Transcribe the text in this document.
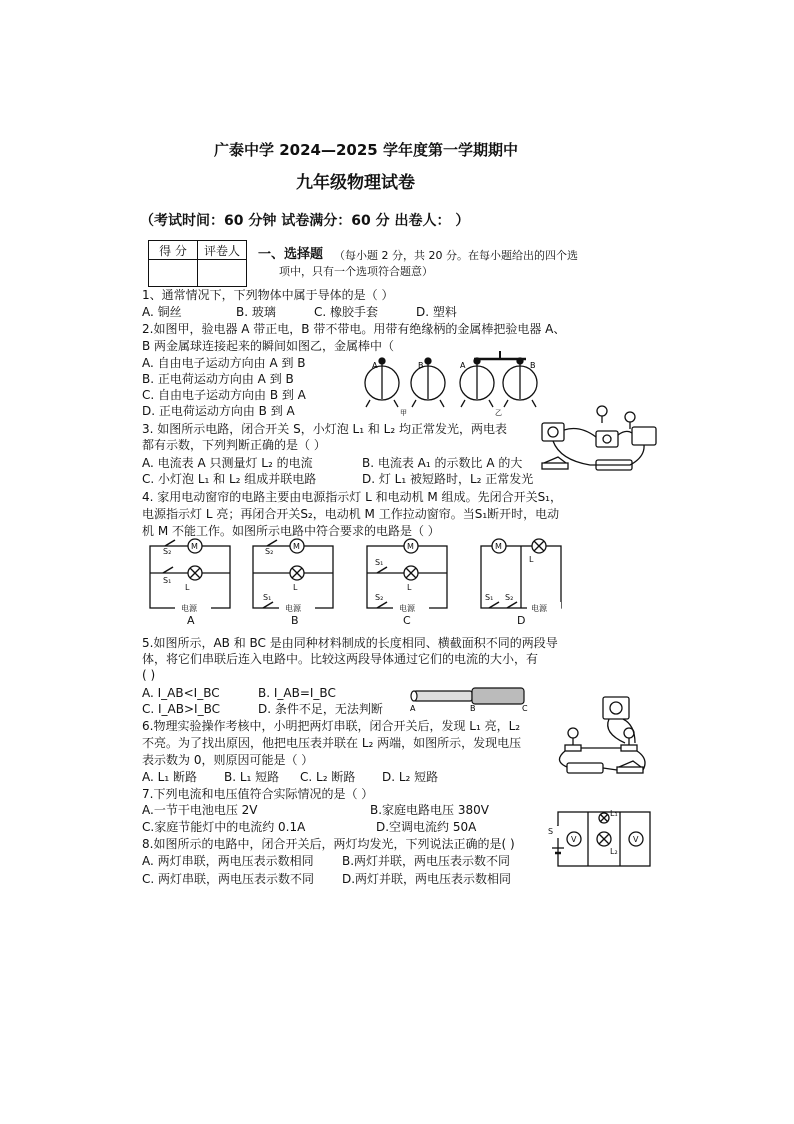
广泰中学 2024—2025 学年度第一学期期中
九年级物理试卷
（考试时间：60 分钟 试卷满分：60 分 出卷人： ）
得 分	评卷人
	一、选择题 （每小题 2 分，共 20 分。在每小题给出的四个选
项中，只有一个选项符合题意）
1、通常情况下，下列物体中属于导体的是（ ）
A. 铜丝	B. 玻璃	C. 橡胶手套	D. 塑料
2.如图甲，验电器 A 带正电，B 带不带电。用带有绝缘柄的金属棒把验电器 A、
B 两金属球连接起来的瞬间如图乙，金属棒中（
A. 自由电子运动方向由 A 到 B
B. 正电荷运动方向由 A 到 B
C. 自由电子运动方向由 B 到 A
D. 正电荷运动方向由 B 到 A
A	B	A	B
甲	乙
3. 如图所示电路，闭合开关 S，小灯泡 L₁ 和 L₂ 均正常发光，两电表
都有示数，下列判断正确的是（ ）
A. 电流表 A 只测量灯 L₂ 的电流	B. 电流表 A₁ 的示数比 A 的大
C. 小灯泡 L₁ 和 L₂ 组成并联电路	D. 灯 L₁ 被短路时，L₂ 正常发光
4. 家用电动窗帘的电路主要由电源指示灯 L 和电动机 M 组成。先闭合开关S₁，
电源指示灯 L 亮；再闭合开关S₂，电动机 M 工作拉动窗帘。当S₁断开时，电动
机 M 不能工作。如图所示电路中符合要求的电路是（ ）
M
S₂
S₁
L
电源
M
S₂
S₁
L
电源
M
S₁
S₂
L
电源
M
L
S₁ S₂
电源
A	B	C	D
5.如图所示，AB 和 BC 是由同种材料制成的长度相同、横截面积不同的两段导
体，将它们串联后连入电路中。比较这两段导体通过它们的电流的大小，有
( )
A. I_AB<I_BC	B. I_AB=I_BC
C. I_AB>I_BC	D. 条件不足，无法判断	A	B	C
6.物理实验操作考核中，小明把两灯串联，闭合开关后，发现 L₁ 亮，L₂
不亮。为了找出原因，他把电压表并联在 L₂ 两端，如图所示，发现电压
表示数为 0，则原因可能是（ ）
A. L₁ 断路 B. L₁ 短路 C. L₂ 断路 D. L₂ 短路
7.下列电流和电压值符合实际情况的是（ ）
A.一节干电池电压 2V	B.家庭电路电压 380V
C.家庭节能灯中的电流约 0.1A	D.空调电流约 50A
8.如图所示的电路中，闭合开关后，两灯均发光，下列说法正确的是( )
A. 两灯串联，两电压表示数相同 B.两灯并联，两电压表示数不同
C. 两灯串联，两电压表示数不同 D.两灯并联，两电压表示数相同
S
V	V
L₁
L₂
